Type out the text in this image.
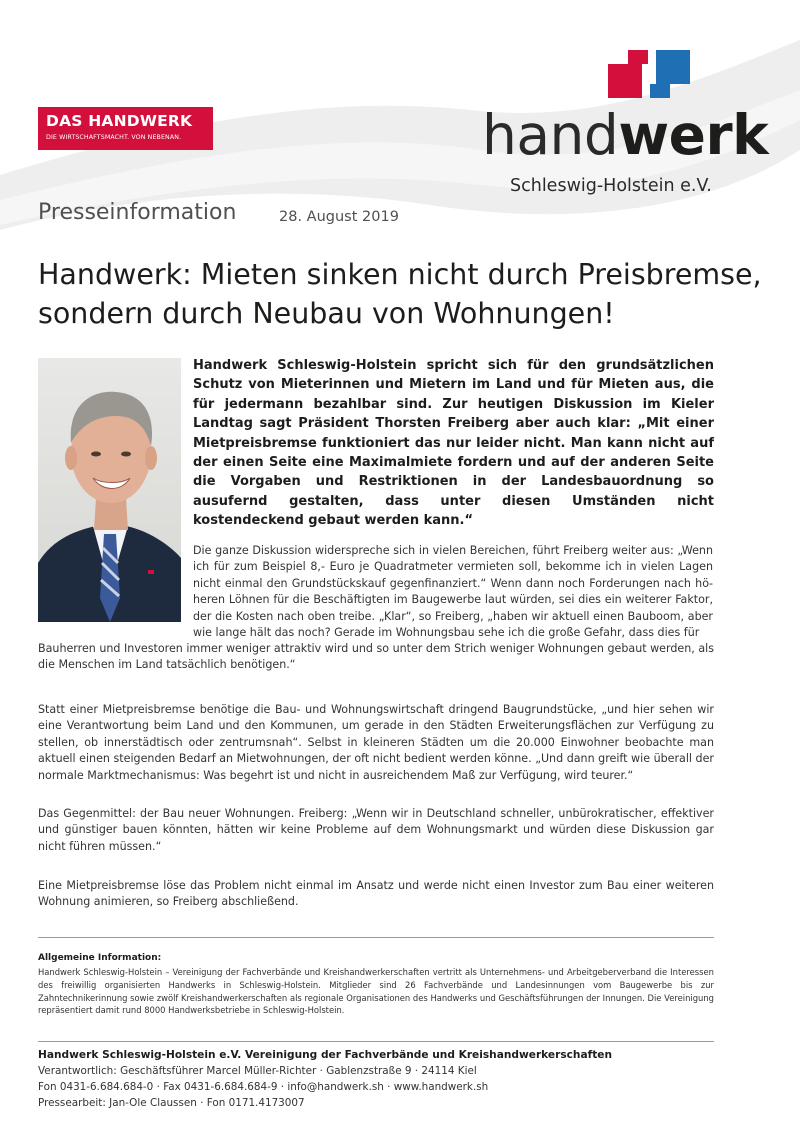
DAS HANDWERK
DIE WIRTSCHAFTSMACHT. VON NEBENAN.	handwerk
Schleswig-Holstein e.V.
Presseinformation	28. August 2019
Handwerk: Mieten sinken nicht durch Preisbremse,
sondern durch Neubau von Wohnungen!

Handwerk Schleswig-Holstein spricht sich für den grundsätzlichen Schutz von Mieterinnen und Mietern im Land und für Mieten aus, die für jedermann bezahlbar sind. Zur heutigen Diskussion im Kieler Landtag sagt Präsident Thorsten Freiberg aber auch klar: „Mit einer Mietpreisbremse funktioniert das nur leider nicht. Man kann nicht auf der einen Seite eine Maximalmiete fordern und auf der anderen Seite die Vorgaben und Restriktionen in der Landesbauordnung so ausufernd gestalten, dass unter diesen Umständen nicht kostendeckend gebaut werden kann.“

Die ganze Diskussion widerspreche sich in vielen Bereichen, führt Freiberg weiter aus: „Wenn ich für zum Beispiel 8,- Euro je Quadratmeter vermieten soll, bekomme ich in vielen Lagen nicht einmal den Grundstückskauf gegenfinanziert.“ Wenn dann noch Forderungen nach höheren Löhnen für die Beschäftigten im Baugewerbe laut würden, sei dies ein weiterer Faktor, der die Kosten nach oben treibe. „Klar“, so Freiberg, „haben wir aktuell einen Bauboom, aber wie lange hält das noch? Gerade im Wohnungsbau sehe ich die große Gefahr, dass dies für

Bauherren und Investoren immer weniger attraktiv wird und so unter dem Strich weniger Wohnungen gebaut werden, als die Menschen im Land tatsächlich benötigen.“

Statt einer Mietpreisbremse benötige die Bau- und Wohnungswirtschaft dringend Baugrundstücke, „und hier sehen wir eine Verantwortung beim Land und den Kommunen, um gerade in den Städten Erweiterungsflächen zur Verfügung zu stellen, ob innerstädtisch oder zentrumsnah“. Selbst in kleineren Städten um die 20.000 Einwohner beobachte man aktuell einen steigenden Bedarf an Mietwohnungen, der oft nicht bedient werden könne. „Und dann greift wie überall der normale Marktmechanismus: Was begehrt ist und nicht in ausreichendem Maß zur Verfügung, wird teurer.“

Das Gegenmittel: der Bau neuer Wohnungen. Freiberg: „Wenn wir in Deutschland schneller, unbürokratischer, effektiver und günstiger bauen könnten, hätten wir keine Probleme auf dem Wohnungsmarkt und würden diese Diskussion gar nicht führen müssen.“

Eine Mietpreisbremse löse das Problem nicht einmal im Ansatz und werde nicht einen Investor zum Bau einer weiteren Wohnung animieren, so Freiberg abschließend.

Allgemeine Information:

Handwerk Schleswig-Holstein – Vereinigung der Fachverbände und Kreishandwerkerschaften vertritt als Unternehmens- und Arbeitgeberverband die Interessen des freiwillig organisierten Handwerks in Schleswig-Holstein. Mitglieder sind 26 Fachverbände und Landesinnungen vom Baugewerbe bis zur Zahntechnikerinnung sowie zwölf Kreishandwerkerschaften als regionale Organisationen des Handwerks und Geschäftsführungen der Innungen. Die Vereinigung repräsentiert damit rund 8000 Handwerksbetriebe in Schleswig-Holstein.

Handwerk Schleswig-Holstein e.V. Vereinigung der Fachverbände und Kreishandwerkerschaften
Verantwortlich: Geschäftsführer Marcel Müller-Richter · Gablenzstraße 9 · 24114 Kiel
Fon 0431-6.684.684-0 · Fax 0431-6.684.684-9 · info@handwerk.sh · www.handwerk.sh
Pressearbeit: Jan-Ole Claussen · Fon 0171.4173007
